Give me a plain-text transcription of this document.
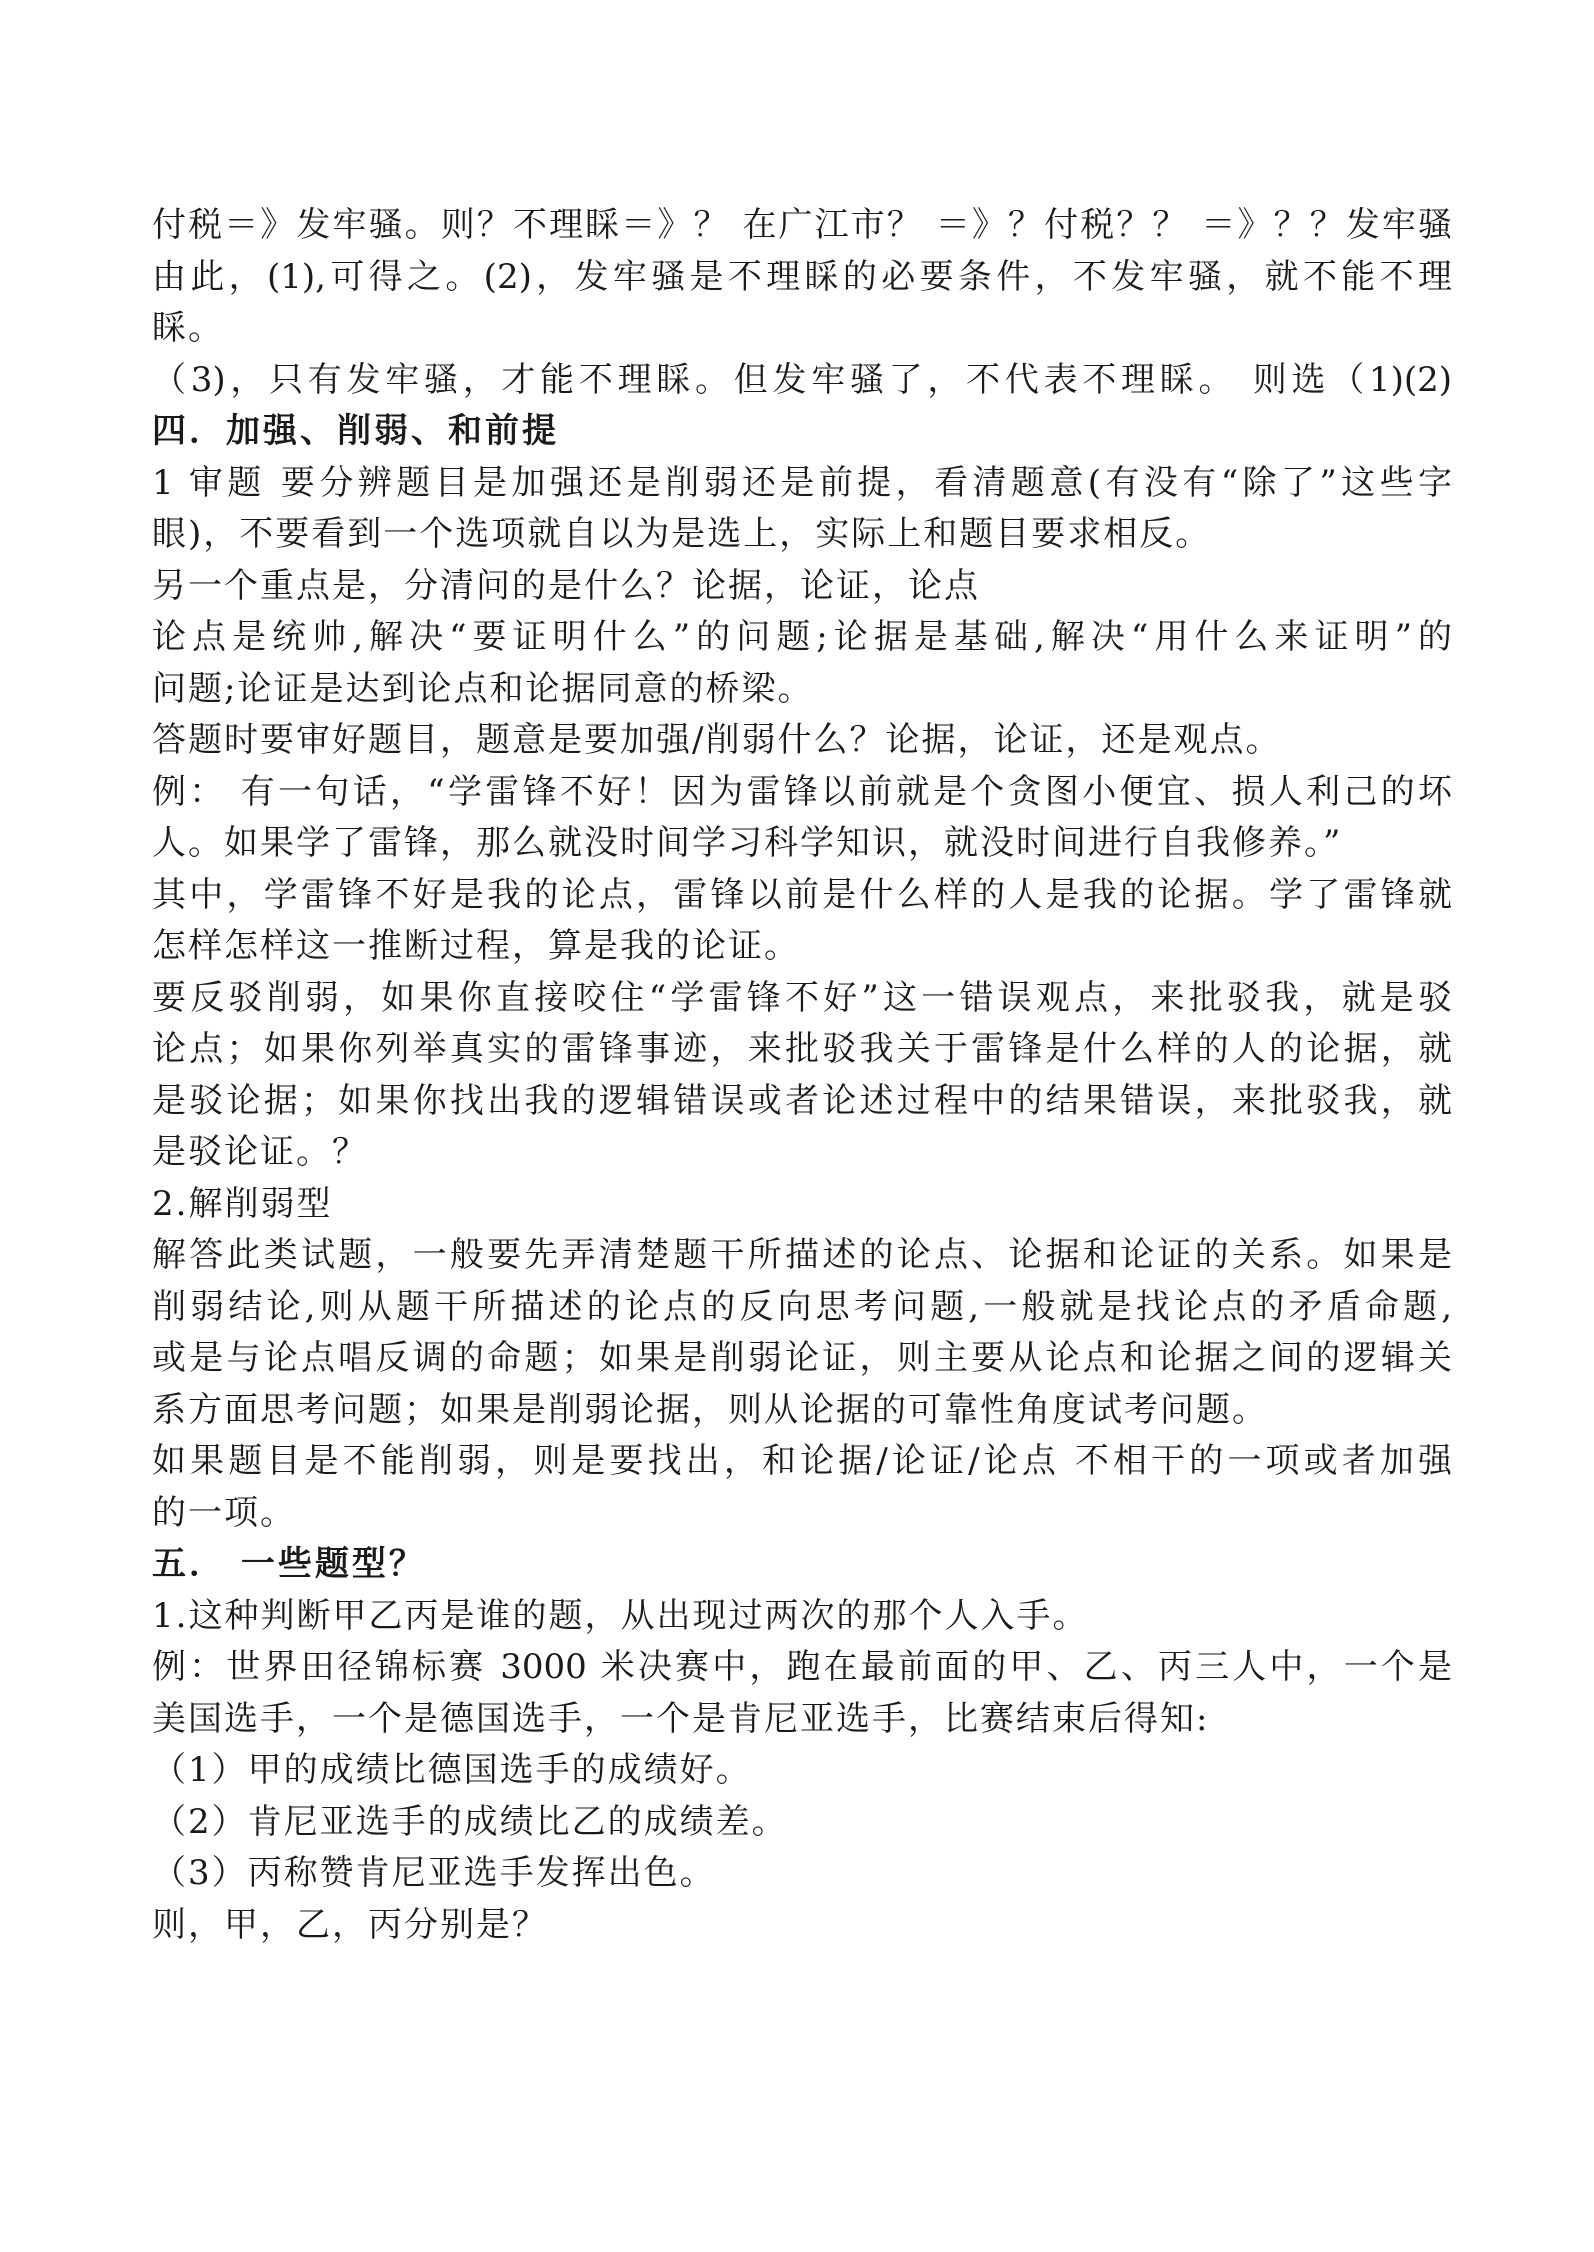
付税＝》发牢骚。则？不理睬＝》？ 在广江市？ ＝》？付税？？ ＝》？？发牢骚
由此，(1),可得之。(2)，发牢骚是不理睬的必要条件，不发牢骚，就不能不理
睬。
（3)，只有发牢骚，才能不理睬。但发牢骚了，不代表不理睬。 则选（1)(2)
四．加强、削弱、和前提
1 审题 要分辨题目是加强还是削弱还是前提，看清题意(有没有“除了”这些字
眼)，不要看到一个选项就自以为是选上，实际上和题目要求相反。
另一个重点是，分清问的是什么？论据，论证，论点
论点是统帅,解决“要证明什么”的问题;论据是基础,解决“用什么来证明”的
问题;论证是达到论点和论据同意的桥梁。
答题时要审好题目，题意是要加强/削弱什么？论据，论证，还是观点。
例： 有一句话，“学雷锋不好！因为雷锋以前就是个贪图小便宜、损人利己的坏
人。如果学了雷锋，那么就没时间学习科学知识，就没时间进行自我修养。”
其中，学雷锋不好是我的论点，雷锋以前是什么样的人是我的论据。学了雷锋就
怎样怎样这一推断过程，算是我的论证。
要反驳削弱，如果你直接咬住“学雷锋不好”这一错误观点，来批驳我，就是驳
论点；如果你列举真实的雷锋事迹，来批驳我关于雷锋是什么样的人的论据，就
是驳论据；如果你找出我的逻辑错误或者论述过程中的结果错误，来批驳我，就
是驳论证。？
2.解削弱型
解答此类试题，一般要先弄清楚题干所描述的论点、论据和论证的关系。如果是
削弱结论,则从题干所描述的论点的反向思考问题,一般就是找论点的矛盾命题,
或是与论点唱反调的命题；如果是削弱论证，则主要从论点和论据之间的逻辑关
系方面思考问题；如果是削弱论据，则从论据的可靠性角度试考问题。
如果题目是不能削弱，则是要找出，和论据/论证/论点 不相干的一项或者加强
的一项。
五． 一些题型？
1.这种判断甲乙丙是谁的题，从出现过两次的那个人入手。
例：世界田径锦标赛 3000 米决赛中，跑在最前面的甲、乙、丙三人中，一个是
美国选手，一个是德国选手，一个是肯尼亚选手，比赛结束后得知:
（1）甲的成绩比德国选手的成绩好。
（2）肯尼亚选手的成绩比乙的成绩差。
（3）丙称赞肯尼亚选手发挥出色。
则，甲，乙，丙分别是？
